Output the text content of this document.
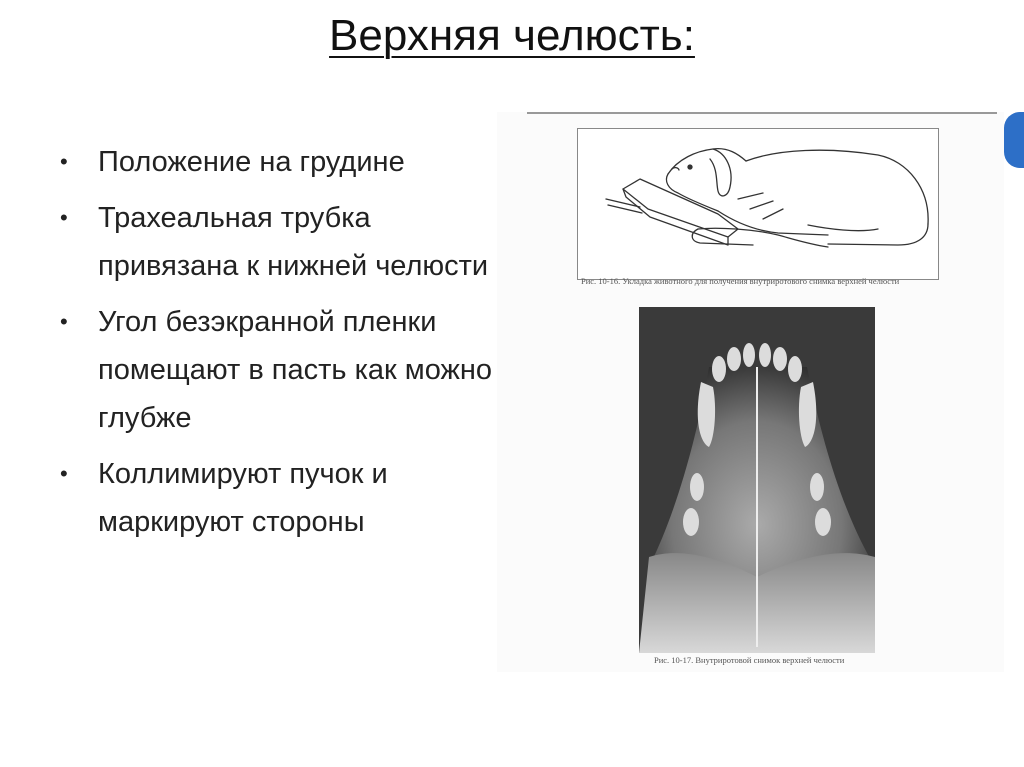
Верхняя челюсть:
• Положение на грудине
• Трахеальная трубка привязана к нижней челюсти
• Угол безэкранной пленки помещают в пасть как можно глубже
• Коллимируют пучок и маркируют стороны
Рис. 10-16. Укладка животного для получения внутриротового снимка верхней челюсти
Рис. 10-17. Внутриротовой снимок верхней челюсти
